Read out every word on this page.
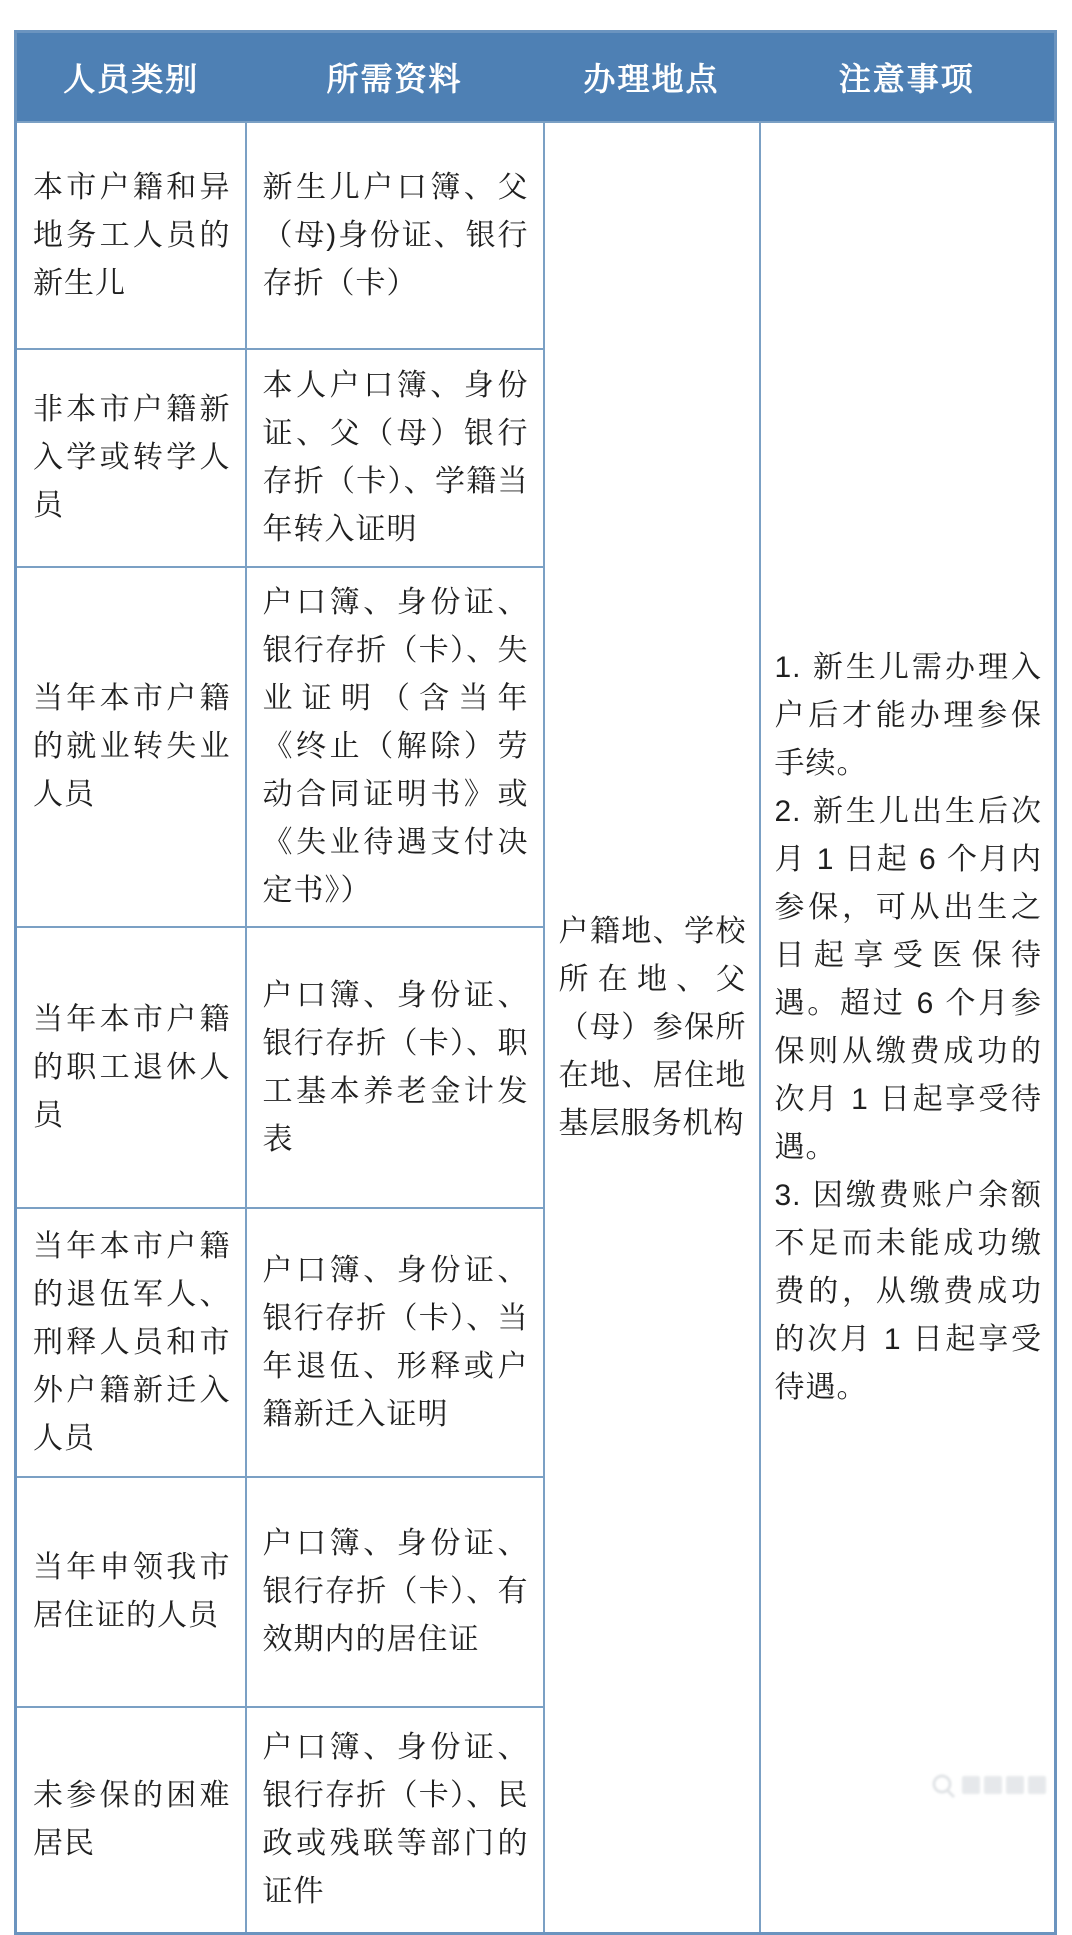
人员类别	所需资料	办理地点	注意事项
本市户籍和异地务工人员的新生儿	新生儿户口簿、父（母)身份证、银行存折（卡）	户籍地、学校所在地、父（母）参保所在地、居住地基层服务机构	1. 新生儿需办理入户后才能办理参保手续。

2. 新生儿出生后次月 1 日起 6 个月内参保，可从出生之日起享受医保待遇。超过 6 个月参保则从缴费成功的次月 1 日起享受待遇。

3. 因缴费账户余额不足而未能成功缴费的，从缴费成功的次月 1 日起享受待遇。

非本市户籍新入学或转学人员	本人户口簿、身份证、父（母）银行存折（卡）、学籍当年转入证明		
当年本市户籍的就业转失业人员	户口簿、身份证、银行存折（卡）、失业证明（含当年《终止（解除）劳动合同证明书》或《失业待遇支付决定书》）		
当年本市户籍的职工退休人员	户口簿、身份证、银行存折（卡）、职工基本养老金计发表		
当年本市户籍的退伍军人、刑释人员和市外户籍新迁入人员	户口簿、身份证、银行存折（卡）、当年退伍、形释或户籍新迁入证明		
当年申领我市居住证的人员	户口簿、身份证、银行存折（卡）、有效期内的居住证		
未参保的困难居民	户口簿、身份证、银行存折（卡）、民政或残联等部门的证件		
